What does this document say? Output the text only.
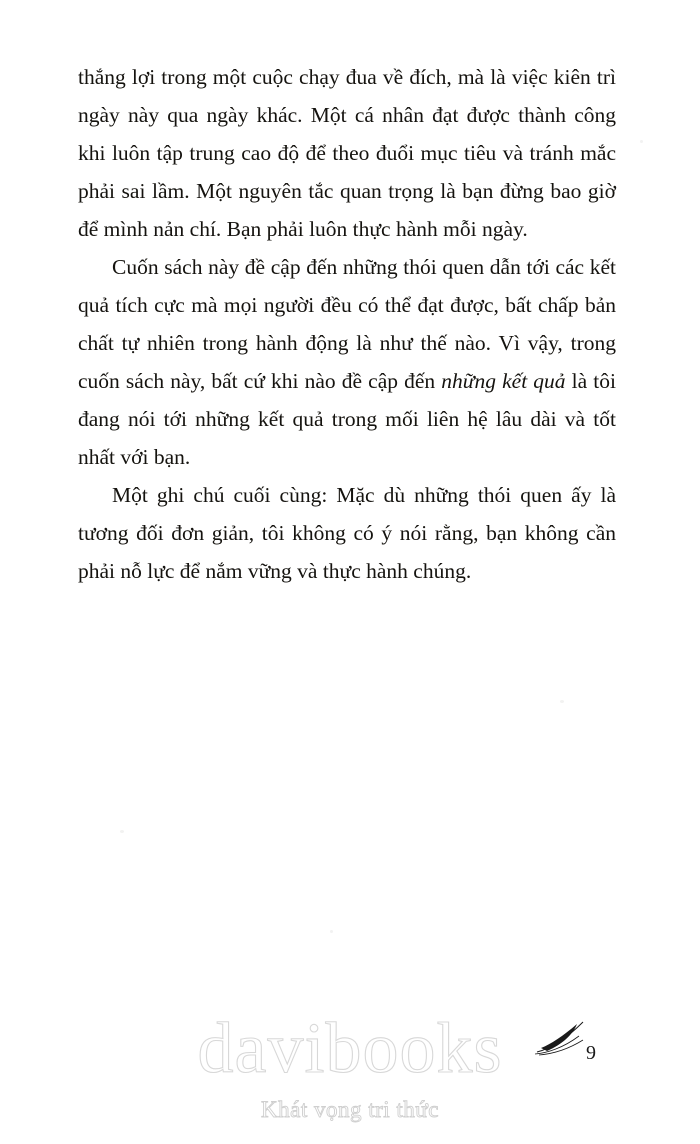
thắng lợi trong một cuộc chạy đua về đích, mà là việc kiên trì ngày này qua ngày khác. Một cá nhân đạt được thành công khi luôn tập trung cao độ để theo đuổi mục tiêu và tránh mắc phải sai lầm. Một nguyên tắc quan trọng là bạn đừng bao giờ để mình nản chí. Bạn phải luôn thực hành mỗi ngày.

Cuốn sách này đề cập đến những thói quen dẫn tới các kết quả tích cực mà mọi người đều có thể đạt được, bất chấp bản chất tự nhiên trong hành động là như thế nào. Vì vậy, trong cuốn sách này, bất cứ khi nào đề cập đến những kết quả là tôi đang nói tới những kết quả trong mối liên hệ lâu dài và tốt nhất với bạn.

Một ghi chú cuối cùng: Mặc dù những thói quen ấy là tương đối đơn giản, tôi không có ý nói rằng, bạn không cần phải nỗ lực để nắm vững và thực hành chúng.

9
davibooks
Khát vọng tri thức
